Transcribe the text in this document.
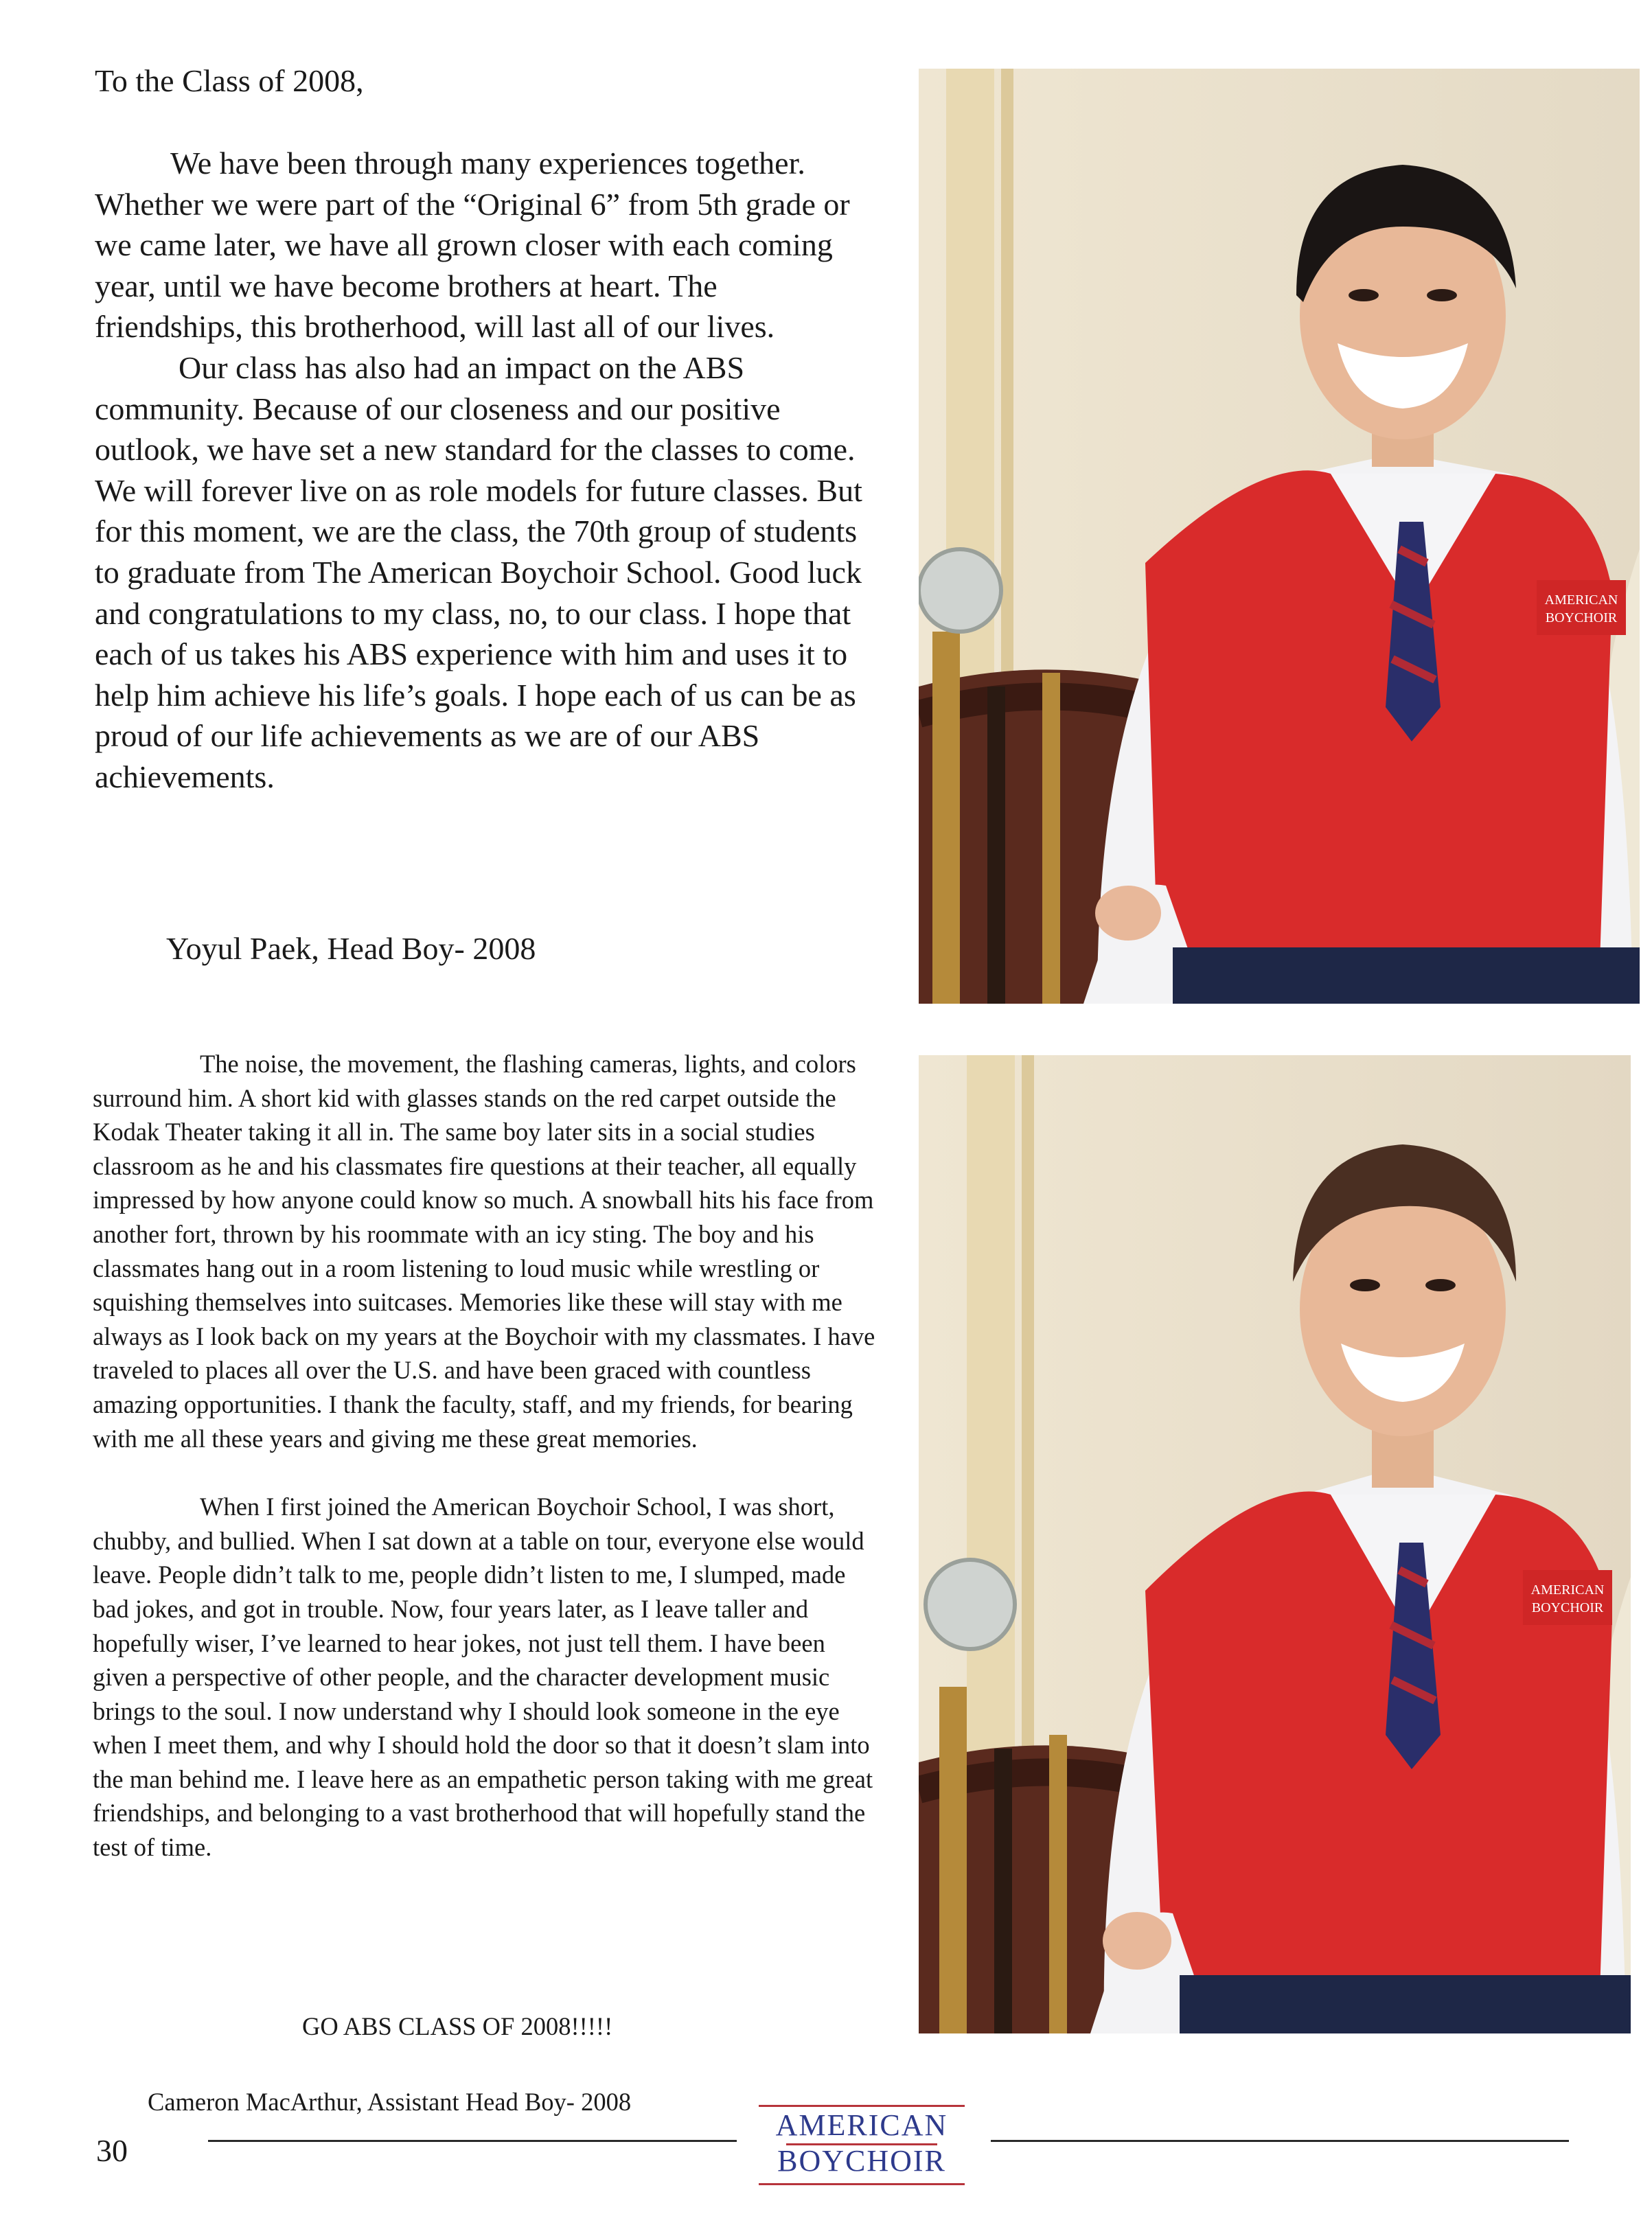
To the Class of 2008,

We have been through many experiences together. Whether we were part of the “Original 6” from 5th grade or we came later, we have all grown closer with each coming year, until we have become brothers at heart. The friendships, this brotherhood, will last all of our lives.

Our class has also had an impact on the ABS community. Because of our closeness and our positive outlook, we have set a new standard for the classes to come. We will forever live on as role models for future classes. But for this moment, we are the class, the 70th group of students to graduate from The American Boychoir School. Good luck and congratulations to my class, no, to our class. I hope that each of us takes his ABS experience with him and uses it to help him achieve his life’s goals. I hope each of us can be as proud of our life achievements as we are of our ABS achievements.

Yoyul Paek, Head Boy- 2008
AMERICAN
BOYCHOIR

The noise, the movement, the flashing cameras, lights, and colors surround him. A short kid with glasses stands on the red carpet outside the Kodak Theater taking it all in. The same boy later sits in a social studies classroom as he and his classmates fire questions at their teacher, all equally impressed by how anyone could know so much. A snowball hits his face from another fort, thrown by his roommate with an icy sting. The boy and his classmates hang out in a room listening to loud music while wrestling or squishing themselves into suitcases. Memories like these will stay with me always as I look back on my years at the Boychoir with my classmates. I have traveled to places all over the U.S. and have been graced with countless amazing opportunities. I thank the faculty, staff, and my friends, for bearing with me all these years and giving me these great memories.

When I first joined the American Boychoir School, I was short, chubby, and bullied. When I sat down at a table on tour, everyone else would leave. People didn’t talk to me, people didn’t listen to me, I slumped, made bad jokes, and got in trouble. Now, four years later, as I leave taller and hopefully wiser, I’ve learned to hear jokes, not just tell them. I have been given a perspective of other people, and the character development music brings to the soul. I now understand why I should look someone in the eye when I meet them, and why I should hold the door so that it doesn’t slam into the man behind me. I leave here as an empathetic person taking with me great friendships, and belonging to a vast brotherhood that will hopefully stand the test of time.

GO ABS CLASS OF 2008!!!!!
Cameron MacArthur, Assistant Head Boy- 2008
AMERICAN
BOYCHOIR
30
AMERICAN
BOYCHOIR
